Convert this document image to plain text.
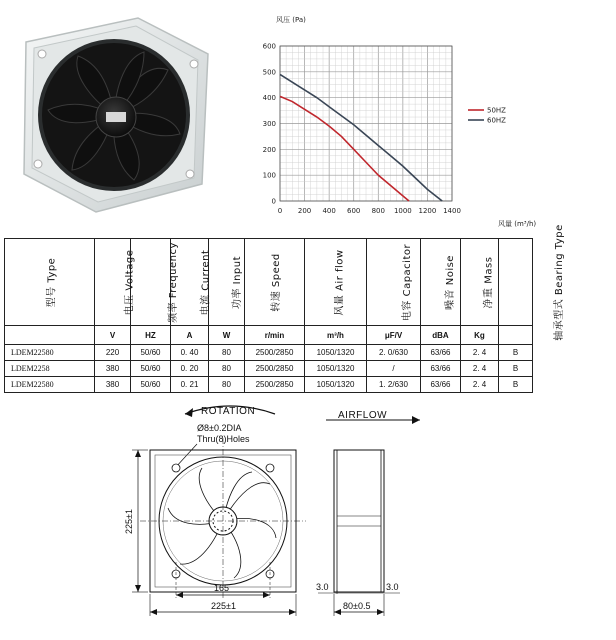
风压 (Pa)
风量 (m³/h)
0 200 400 600 800 1000 1200 1400
0
100
200
300
400
500
600
50HZ
60HZ
型号 Type	电压 Voltage	频率 Frequency	电流 Current	功率 Input	转速 Speed	风量 Air flow	电容 Capacitor	噪音 Noise	净重 Mass	轴承型式 Bearing Type
	V	HZ	A	W	r/min	m³/h	μF/V	dBA	Kg	
LDEM22580	220	50/60	0. 40	80	2500/2850	1050/1320	2. 0/630	63/66	2. 4	B
LDEM2258	380	50/60	0. 20	80	2500/2850	1050/1320	/	63/66	2. 4	B
LDEM22580	380	50/60	0. 21	80	2500/2850	1050/1320	1. 2/630	63/66	2. 4	B
ROTATION
Ø8±0.2DIA
Thru(8)Holes
225±1
165
225±1
AIRFLOW
3.0	3.0
80±0.5
